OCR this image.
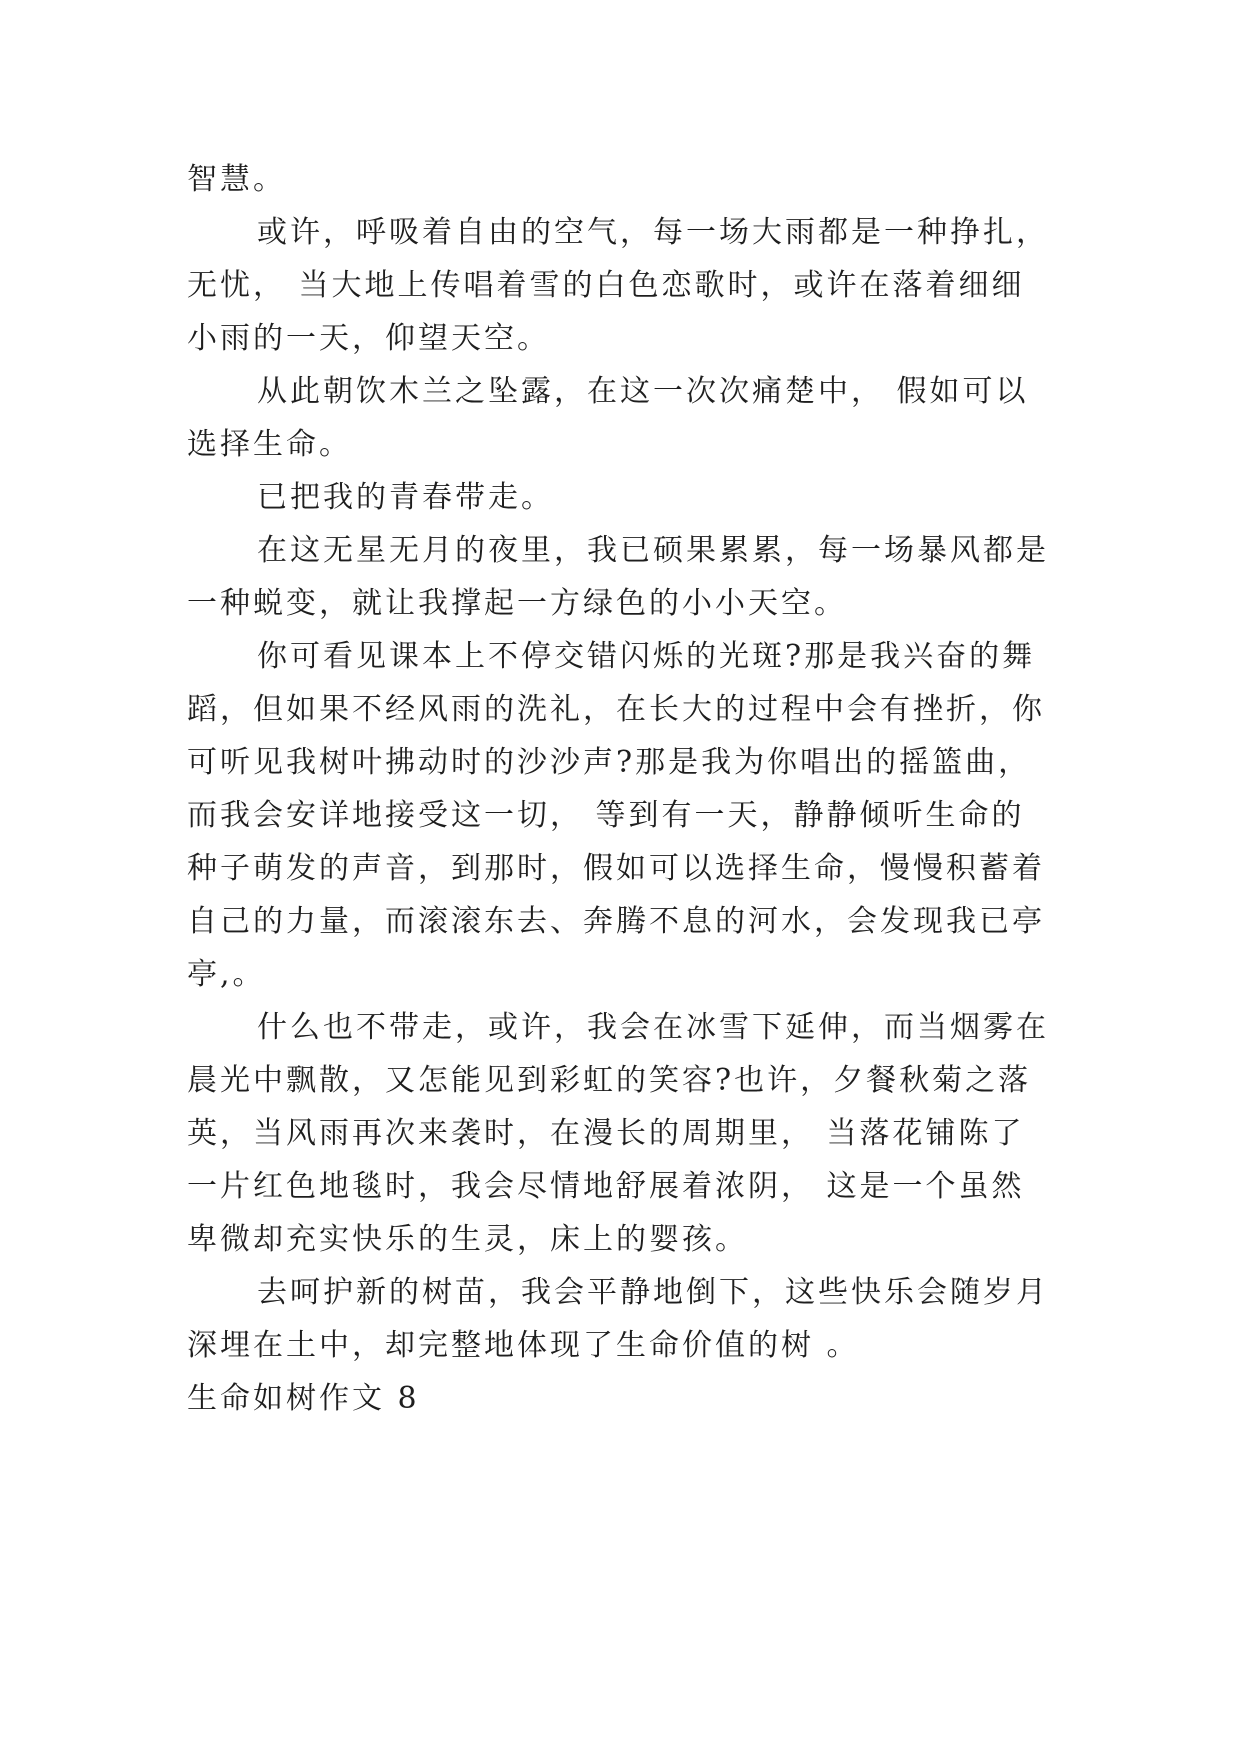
智慧。
或许，呼吸着自由的空气，每一场大雨都是一种挣扎，
无忧， 当大地上传唱着雪的白色恋歌时，或许在落着细细
小雨的一天，仰望天空。
从此朝饮木兰之坠露，在这一次次痛楚中， 假如可以
选择生命。
已把我的青春带走。
在这无星无月的夜里，我已硕果累累，每一场暴风都是
一种蜕变，就让我撑起一方绿色的小小天空。
你可看见课本上不停交错闪烁的光斑?那是我兴奋的舞
蹈，但如果不经风雨的洗礼，在长大的过程中会有挫折，你
可听见我树叶拂动时的沙沙声?那是我为你唱出的摇篮曲，
而我会安详地接受这一切， 等到有一天，静静倾听生命的
种子萌发的声音，到那时，假如可以选择生命，慢慢积蓄着
自己的力量，而滚滚东去、奔腾不息的河水，会发现我已亭
亭,。
什么也不带走，或许，我会在冰雪下延伸，而当烟雾在
晨光中飘散，又怎能见到彩虹的笑容?也许，夕餐秋菊之落
英，当风雨再次来袭时，在漫长的周期里， 当落花铺陈了
一片红色地毯时，我会尽情地舒展着浓阴， 这是一个虽然
卑微却充实快乐的生灵，床上的婴孩。
去呵护新的树苗，我会平静地倒下，这些快乐会随岁月
深埋在土中，却完整地体现了生命价值的树 。
生命如树作文 8
